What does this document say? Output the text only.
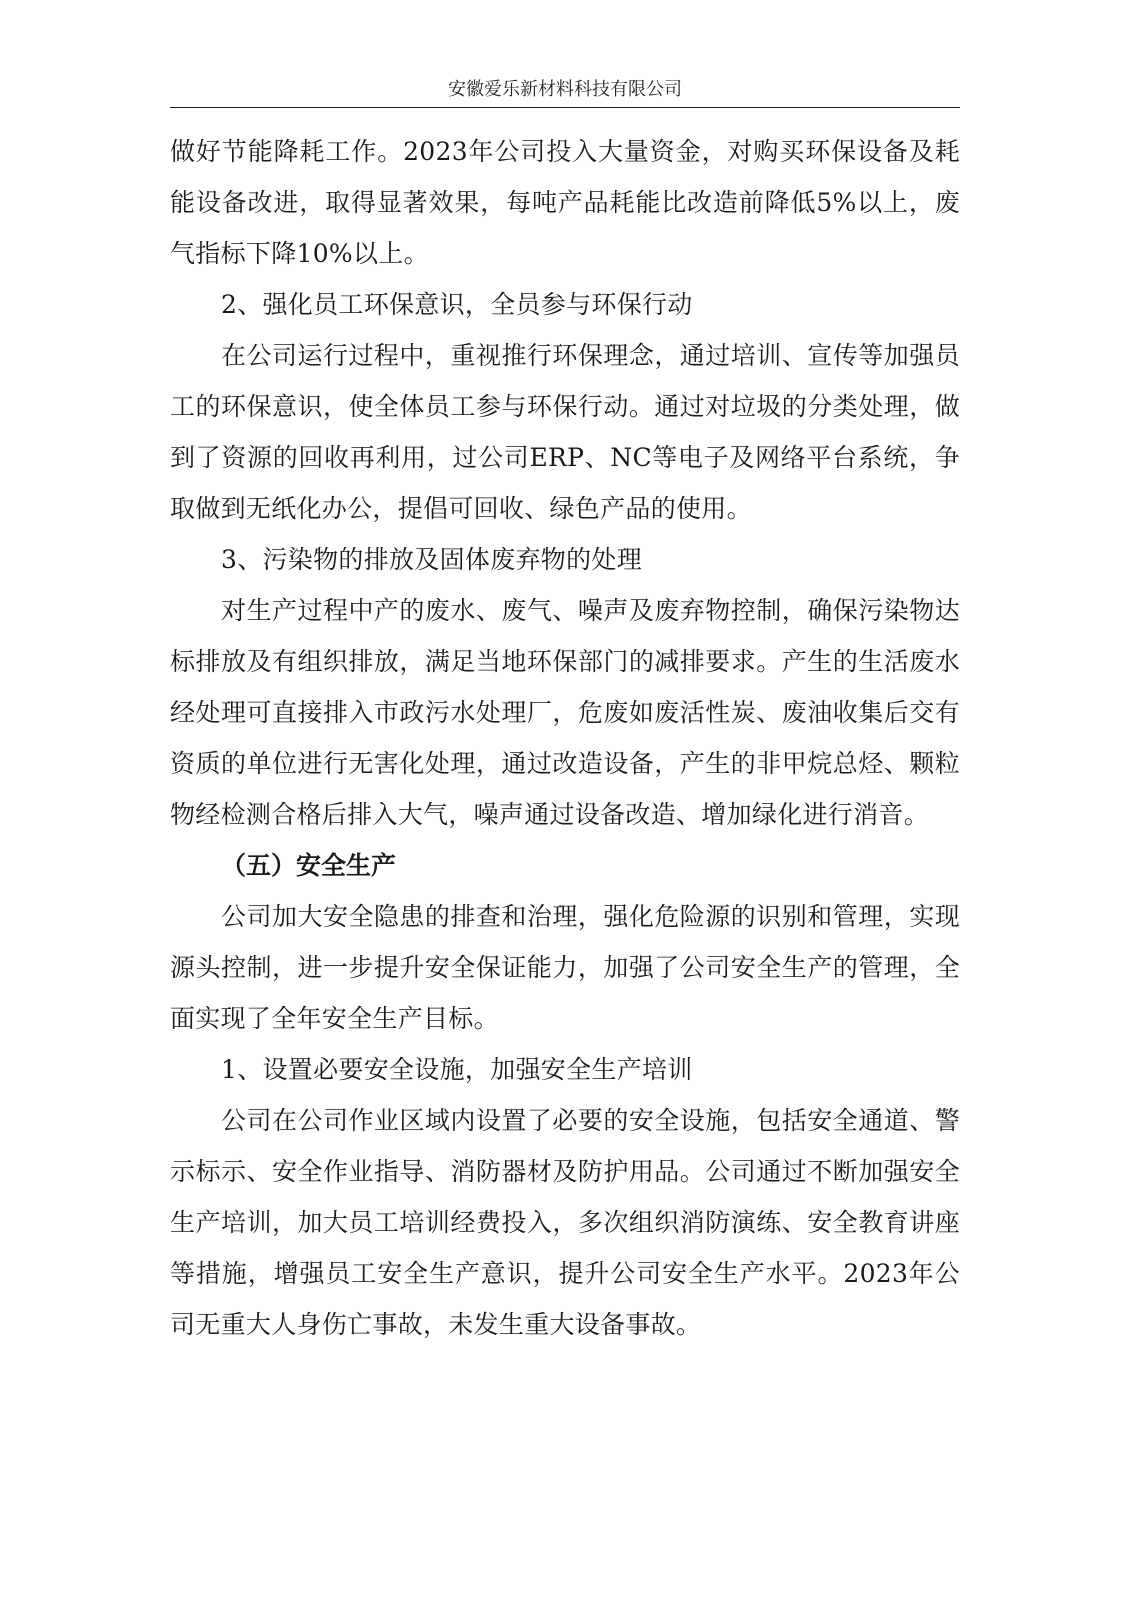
安徽爱乐新材料科技有限公司

做好节能降耗工作。2023年公司投入大量资金，对购买环保设备及耗能设备改进，取得显著效果，每吨产品耗能比改造前降低5%以上，废气指标下降10%以上。

2、强化员工环保意识，全员参与环保行动

在公司运行过程中，重视推行环保理念，通过培训、宣传等加强员工的环保意识，使全体员工参与环保行动。通过对垃圾的分类处理，做到了资源的回收再利用，过公司ERP、NC等电子及网络平台系统，争取做到无纸化办公，提倡可回收、绿色产品的使用。

3、污染物的排放及固体废弃物的处理

对生产过程中产的废水、废气、噪声及废弃物控制，确保污染物达标排放及有组织排放，满足当地环保部门的减排要求。产生的生活废水经处理可直接排入市政污水处理厂，危废如废活性炭、废油收集后交有资质的单位进行无害化处理，通过改造设备，产生的非甲烷总烃、颗粒物经检测合格后排入大气，噪声通过设备改造、增加绿化进行消音。

（五）安全生产

公司加大安全隐患的排查和治理，强化危险源的识别和管理，实现源头控制，进一步提升安全保证能力，加强了公司安全生产的管理，全面实现了全年安全生产目标。

1、设置必要安全设施，加强安全生产培训

公司在公司作业区域内设置了必要的安全设施，包括安全通道、警示标示、安全作业指导、消防器材及防护用品。公司通过不断加强安全生产培训，加大员工培训经费投入，多次组织消防演练、安全教育讲座等措施，增强员工安全生产意识，提升公司安全生产水平。2023年公司无重大人身伤亡事故，未发生重大设备事故。
